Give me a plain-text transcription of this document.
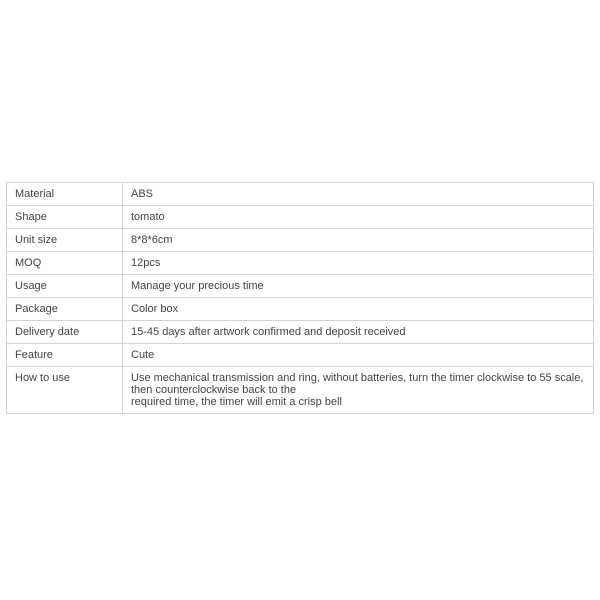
Material	ABS

Shape	tomato

Unit size	8*8*6cm

MOQ	12pcs

Usage	Manage your precious time

Package	Color box

Delivery date	15-45 days after artwork confirmed and deposit received

Feature	Cute

How to use	Use mechanical transmission and ring, without batteries, turn the timer clockwise to 55 scale, then counterclockwise back to the
required time, the timer will emit a crisp bell
